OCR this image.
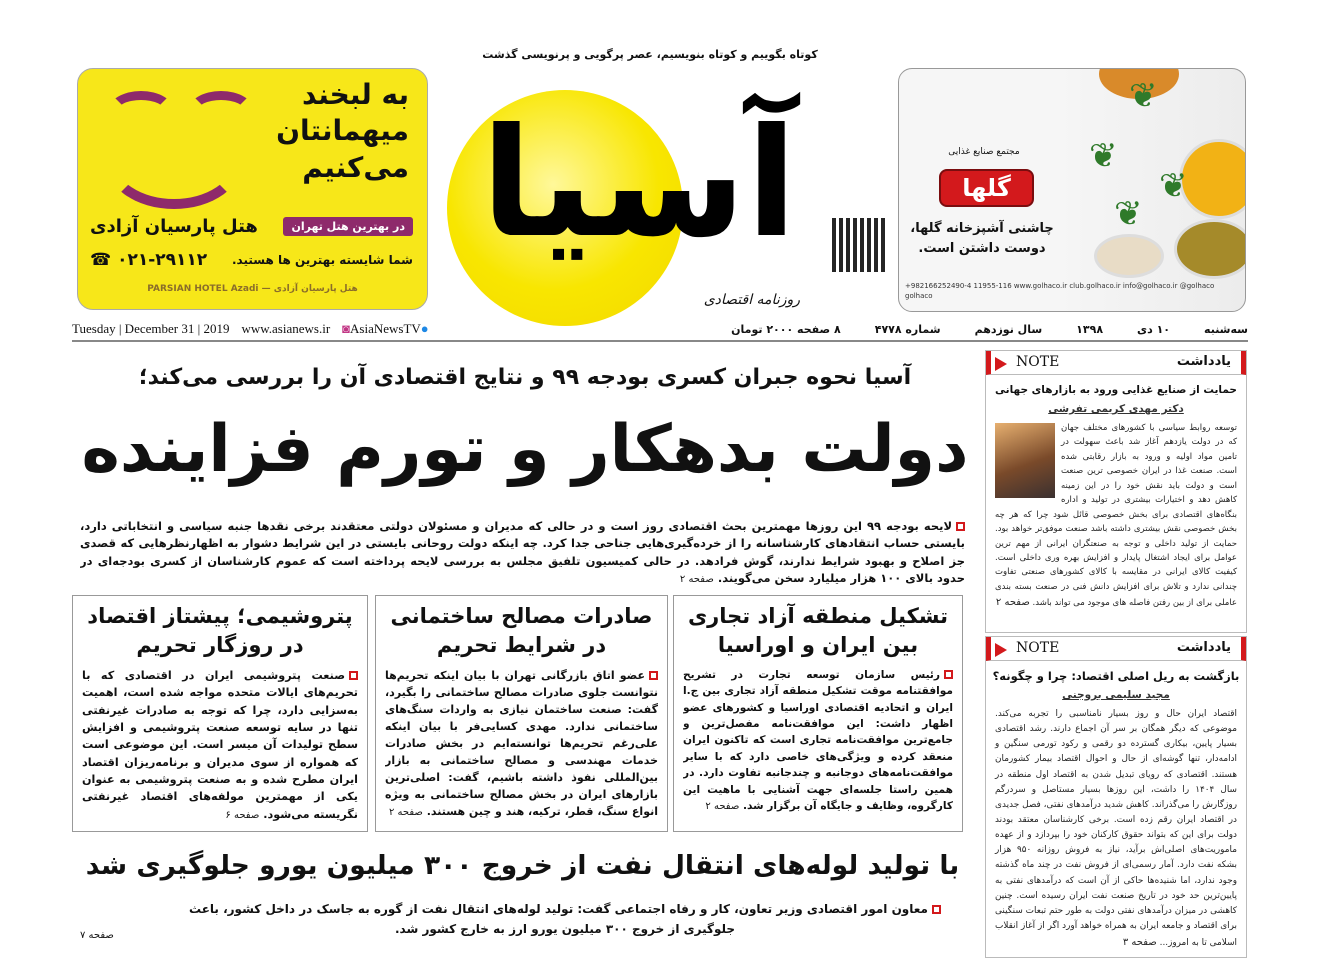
کوتاه بگوییم و کوتاه بنویسیم، عصر پرگویی و پرنویسی گذشت
به لبخند میهمانتان می‌کنیم
در بهترین هتل تهران
هتل پارسیان آزادی
شما شایسته بهترین ها هستید.
☎ ۰۲۱-۲۹۱۱۲
PARSIAN HOTEL Azadi — هتل پارسیان آزادی
❦
❦
❦
❦
مجتمع صنایع غذایی
گلها
چاشنی آشپزخانه گلها، دوست داشتن است.
+982166252490-4 11955-116 www.golhaco.ir club.golhaco.ir info@golhaco.ir @golhaco golhaco
آسیا
روزنامه اقتصادی
Tuesday | December 31 | 2019 www.asianews.ir ◙AsiaNewsTV●	سه‌شنبه
۱۰ دی
۱۳۹۸
سال نوزدهم
شماره ۴۷۷۸
۸ صفحه ۲۰۰۰ تومان
آسیا نحوه جبران کسری بودجه ۹۹ و نتایج اقتصادی آن را بررسی می‌کند؛
دولت بدهکار و تورم فزاینده
لایحه بودجه ۹۹ این روزها مهمترین بحث اقتصادی روز است و در حالی که مدیران و مسئولان دولتی معتقدند برخی نقدها جنبه سیاسی و انتخاباتی دارد، بایستی حساب انتقادهای کارشناسانه را از خرده‌گیری‌هایی جناحی جدا کرد. چه اینکه دولت روحانی بایستی در این شرایط دشوار به اظهارنظرهایی که قصدی جز اصلاح و بهبود شرایط ندارند، گوش فرادهد. در حالی کمیسیون تلفیق مجلس به بررسی لایحه پرداخته است که عموم کارشناسان از کسری بودجه‌ای در حدود بالای ۱۰۰ هزار میلیارد سخن می‌گویند. صفحه ۲
تشکیل منطقه آزاد تجاری بین ایران و اوراسیا

رئیس سازمان توسعه تجارت در تشریح موافقتنامه موقت تشکیل منطقه آزاد تجاری بین ج.ا ایران و اتحادیه اقتصادی اوراسیا و کشورهای عضو اظهار داشت: این موافقت‌نامه مفصل‌ترین و جامع‌ترین موافقت‌نامه تجاری است که تاکنون ایران منعقد کرده و ویژگی‌های خاصی دارد که با سایر موافقت‌نامه‌های دوجانبه و چندجانبه تفاوت دارد. در همین راستا جلسه‌ای جهت آشنایی با ماهیت این کارگروه، وظایف و جایگاه آن برگزار شد. صفحه ۲

صادرات مصالح ساختمانی در شرایط تحریم

عضو اتاق بازرگانی تهران با بیان اینکه تحریم‌ها نتوانست جلوی صادرات مصالح ساختمانی را بگیرد، گفت: صنعت ساختمان نیازی به واردات سنگ‌های ساختمانی ندارد. مهدی کسایی‌فر با بیان اینکه علی‌رغم تحریم‌ها توانسته‌ایم در بخش صادرات خدمات مهندسی و مصالح ساختمانی به بازار بین‌المللی نفوذ داشته باشیم، گفت: اصلی‌ترین بازارهای ایران در بخش مصالح ساختمانی به ویژه انواع سنگ، قطر، ترکیه، هند و چین هستند. صفحه ۲

پتروشیمی؛ پیشتاز اقتصاد در روزگار تحریم

صنعت پتروشیمی ایران در اقتصادی که با تحریم‌های ایالات متحده مواجه شده است، اهمیت به‌سزایی دارد، چرا که توجه به صادرات غیرنفتی تنها در سایه توسعه صنعت پتروشیمی و افزایش سطح تولیدات آن میسر است. این موضوعی است که همواره از سوی مدیران و برنامه‌ریزان اقتصاد ایران مطرح شده و به صنعت پتروشیمی به عنوان یکی از مهمترین مولفه‌های اقتصاد غیرنفتی نگریسته می‌شود. صفحه ۶

با تولید لوله‌های انتقال نفت از خروج ۳۰۰ میلیون یورو جلوگیری شد
معاون امور اقتصادی وزیر تعاون، کار و رفاه اجتماعی گفت: تولید لوله‌های انتقال نفت از گوره به جاسک در داخل کشور، باعث جلوگیری از خروج ۳۰۰ میلیون یورو ارز به خارج کشور شد.
صفحه ۷
یادداشت
NOTE
حمایت از صنایع غذایی ورود به بازارهای جهانی
دکتر مهدی کریمی تفرشی

توسعه روابط سیاسی با کشورهای مختلف جهان که در دولت یازدهم آغاز شد باعث سهولت در تامین مواد اولیه و ورود به بازار رقابتی شده است. صنعت غذا در ایران خصوصی ترین صنعت است و دولت باید نقش خود را در این زمینه کاهش دهد و اختیارات بیشتری در تولید و اداره بنگاه‌های اقتصادی برای بخش خصوصی قائل شود چرا که هر چه بخش خصوصی نقش بیشتری داشته باشد صنعت موفق‌تر خواهد بود. حمایت از تولید داخلی و توجه به صنعتگران ایرانی از مهم ترین عوامل برای ایجاد اشتغال پایدار و افزایش بهره وری داخلی است. کیفیت کالای ایرانی در مقایسه با کالای کشورهای صنعتی تفاوت چندانی ندارد و تلاش برای افزایش دانش فنی در صنعت بسته بندی عاملی برای از بین رفتن فاصله های موجود می تواند باشد. صفحه ۲

یادداشت
NOTE
بازگشت به ریل اصلی اقتصاد: چرا و چگونه؟
مجید سلیمی بروجنی

اقتصاد ایران حال و روز بسیار نامناسبی را تجربه می‌کند. موضوعی که دیگر همگان بر سر آن اجماع دارند. رشد اقتصادی بسیار پایین، بیکاری گسترده دو رقمی و رکود تورمی سنگین و ادامه‌دار، تنها گوشه‌ای از حال و احوال اقتصاد بیمار کشورمان هستند. اقتصادی که رویای تبدیل شدن به اقتصاد اول منطقه در سال ۱۴۰۴ را داشت، این روزها بسیار مستاصل و سردرگم روزگارش را می‌گذراند. کاهش شدید درآمدهای نفتی، فصل جدیدی در اقتصاد ایران رقم زده است. برخی کارشناسان معتقد بودند دولت برای این که بتواند حقوق کارکنان خود را بپردازد و از عهده ماموریت‌های اصلی‌اش برآید، نیاز به فروش روزانه ۹۵۰ هزار بشکه نفت دارد. آمار رسمی‌ای از فروش نفت در چند ماه گذشته وجود ندارد، اما شنیده‌ها حاکی از آن است که درآمدهای نفتی به پایین‌ترین حد خود در تاریخ صنعت نفت ایران رسیده است. چنین کاهشی در میزان درآمدهای نفتی دولت به طور حتم تبعات سنگینی برای اقتصاد و جامعه ایران به همراه خواهد آورد اگر از آغاز انقلاب اسلامی تا به امروز... صفحه ۳
